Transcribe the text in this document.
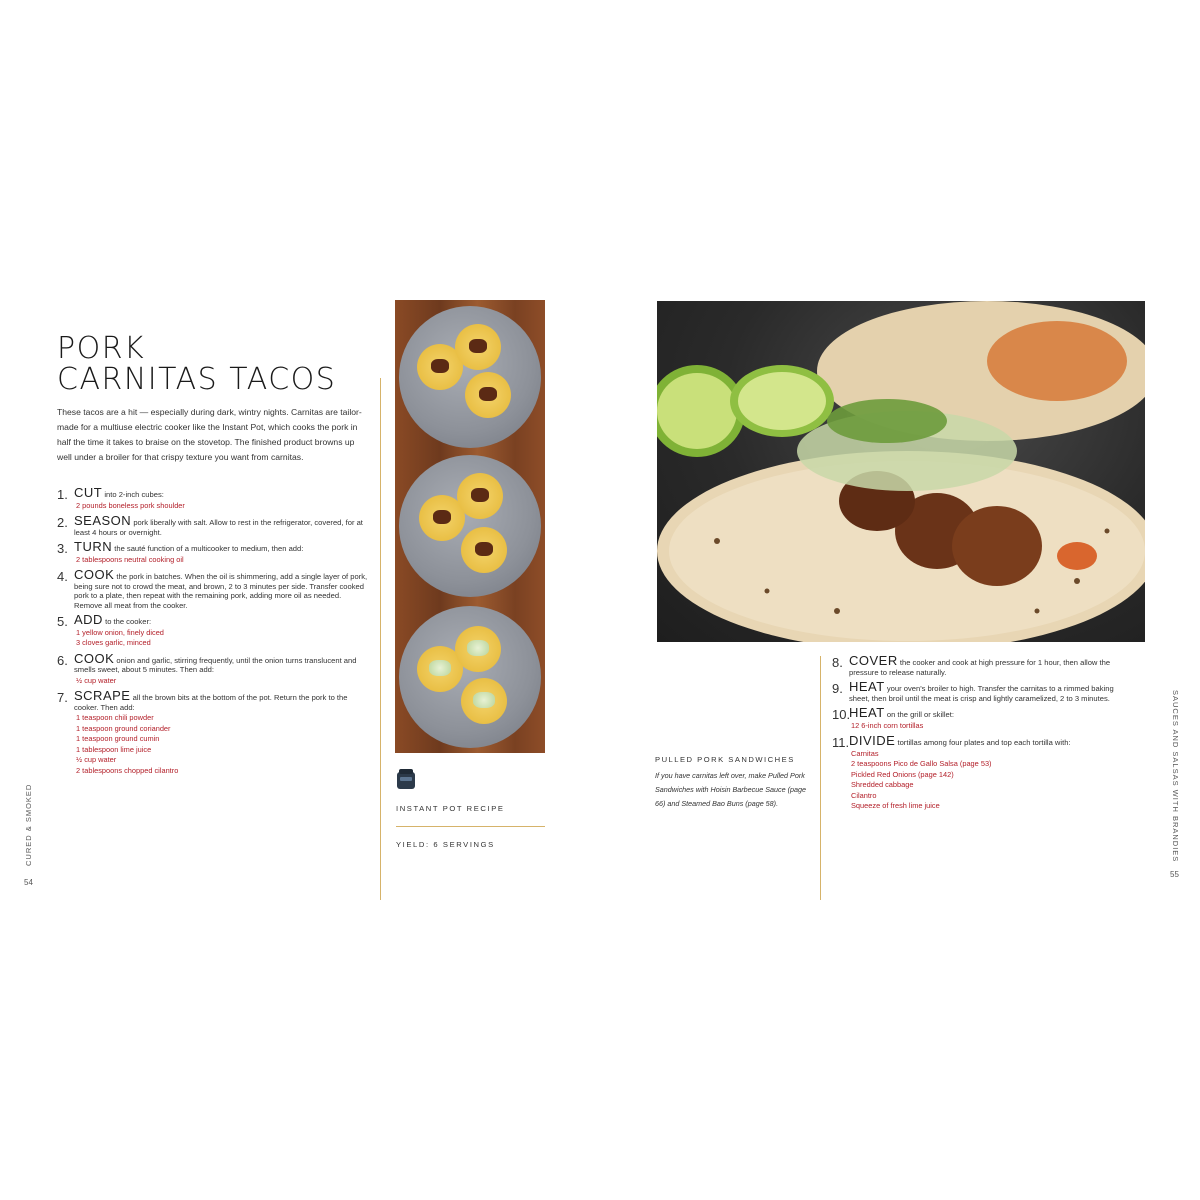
PORK
CARNITAS TACOS
These tacos are a hit — especially during dark, wintry nights. Carnitas are tailor-made for a multiuse electric cooker like the Instant Pot, which cooks the pork in half the time it takes to braise on the stovetop. The finished product browns up well under a broiler for that crispy texture you want from carnitas.
1. CUT into 2-inch cubes:
2 pounds boneless pork shoulder
2. SEASON pork liberally with salt. Allow to rest in the refrigerator, covered, for at least 4 hours or overnight.
3. TURN the sauté function of a multicooker to medium, then add:
2 tablespoons neutral cooking oil
4. COOK the pork in batches. When the oil is shimmering, add a single layer of pork, being sure not to crowd the meat, and brown, 2 to 3 minutes per side. Transfer cooked pork to a plate, then repeat with the remaining pork, adding more oil as needed. Remove all meat from the cooker.
5. ADD to the cooker:
1 yellow onion, finely diced
3 cloves garlic, minced
6. COOK onion and garlic, stirring frequently, until the onion turns translucent and smells sweet, about 5 minutes. Then add:
½ cup water
7. SCRAPE all the brown bits at the bottom of the pot. Return the pork to the cooker. Then add:
1 teaspoon chili powder
1 teaspoon ground coriander
1 teaspoon ground cumin
1 tablespoon lime juice
½ cup water
2 tablespoons chopped cilantro
INSTANT POT RECIPE
YIELD: 6 SERVINGS
54
CURED & SMOKED
PULLED PORK SANDWICHES
If you have carnitas left over, make Pulled Pork Sandwiches with Hoisin Barbecue Sauce (page 66) and Steamed Bao Buns (page 58).
8. COVER the cooker and cook at high pressure for 1 hour, then allow the pressure to release naturally.
9. HEAT your oven's broiler to high. Transfer the carnitas to a rimmed baking sheet, then broil until the meat is crisp and lightly caramelized, 2 to 3 minutes.
10.
HEAT on the grill or skillet:
12 6-inch corn tortillas
11. DIVIDE tortillas among four plates and top each tortilla with:
Carnitas
2 teaspoons Pico de Gallo Salsa (page 53)
Pickled Red Onions (page 142)
Shredded cabbage
Cilantro
Squeeze of fresh lime juice
55
SAUCES AND SALSAS WITH BRANDIES
